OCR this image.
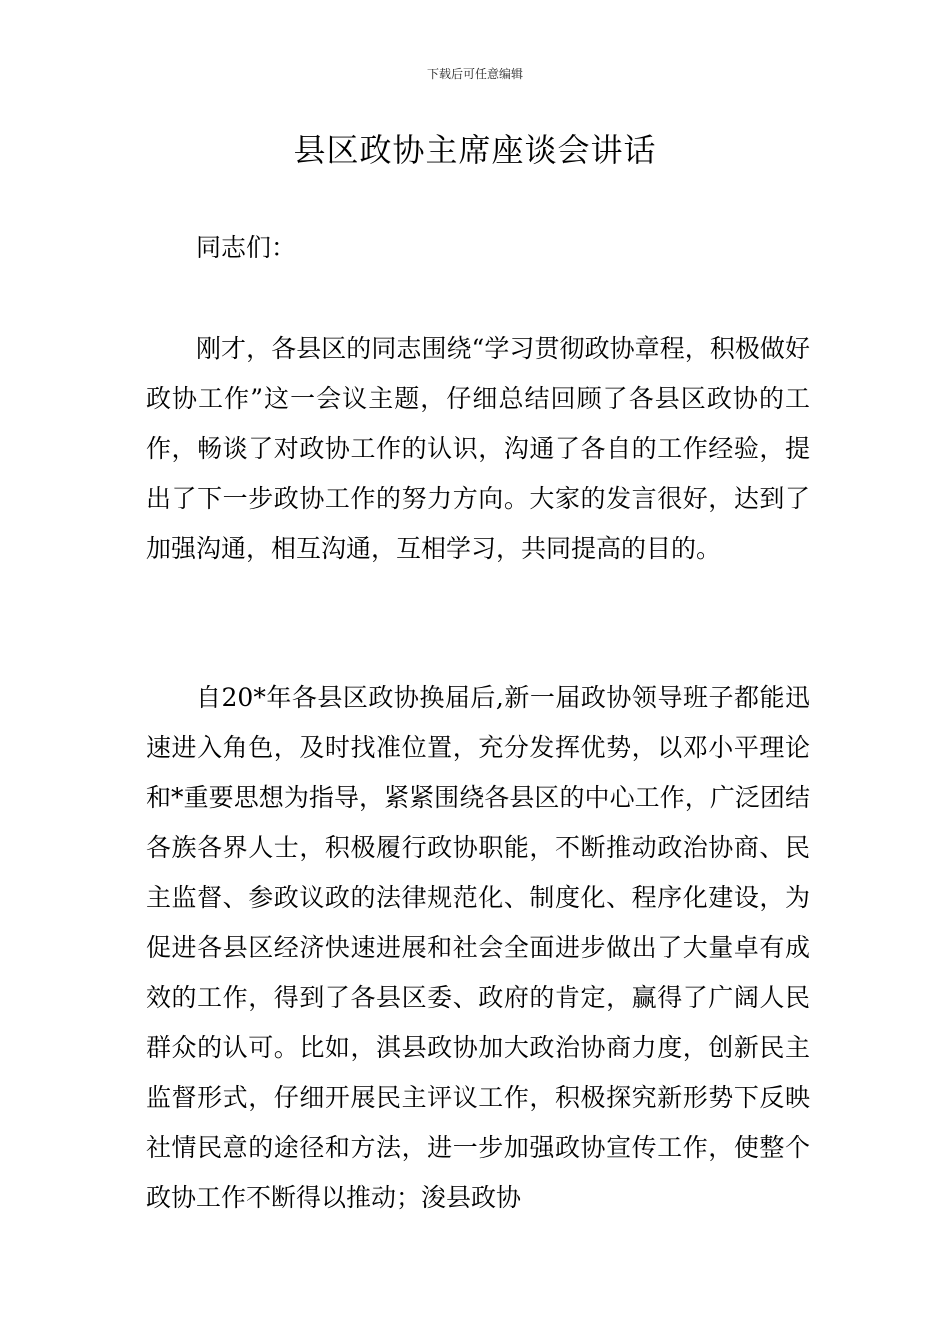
下载后可任意编辑
县区政协主席座谈会讲话
同志们：

刚才，各县区的同志围绕“学习贯彻政协章程，积极做好政协工作”这一会议主题，仔细总结回顾了各县区政协的工作，畅谈了对政协工作的认识，沟通了各自的工作经验，提出了下一步政协工作的努力方向。大家的发言很好，达到了加强沟通，相互沟通，互相学习，共同提高的目的。

自20*年各县区政协换届后,新一届政协领导班子都能迅速进入角色，及时找准位置，充分发挥优势，以邓小平理论和*重要思想为指导，紧紧围绕各县区的中心工作，广泛团结各族各界人士，积极履行政协职能，不断推动政治协商、民主监督、参政议政的法律规范化、制度化、程序化建设，为促进各县区经济快速进展和社会全面进步做出了大量卓有成效的工作，得到了各县区委、政府的肯定，赢得了广阔人民群众的认可。比如，淇县政协加大政治协商力度，创新民主监督形式，仔细开展民主评议工作，积极探究新形势下反映社情民意的途径和方法，进一步加强政协宣传工作，使整个政协工作不断得以推动；浚县政协
